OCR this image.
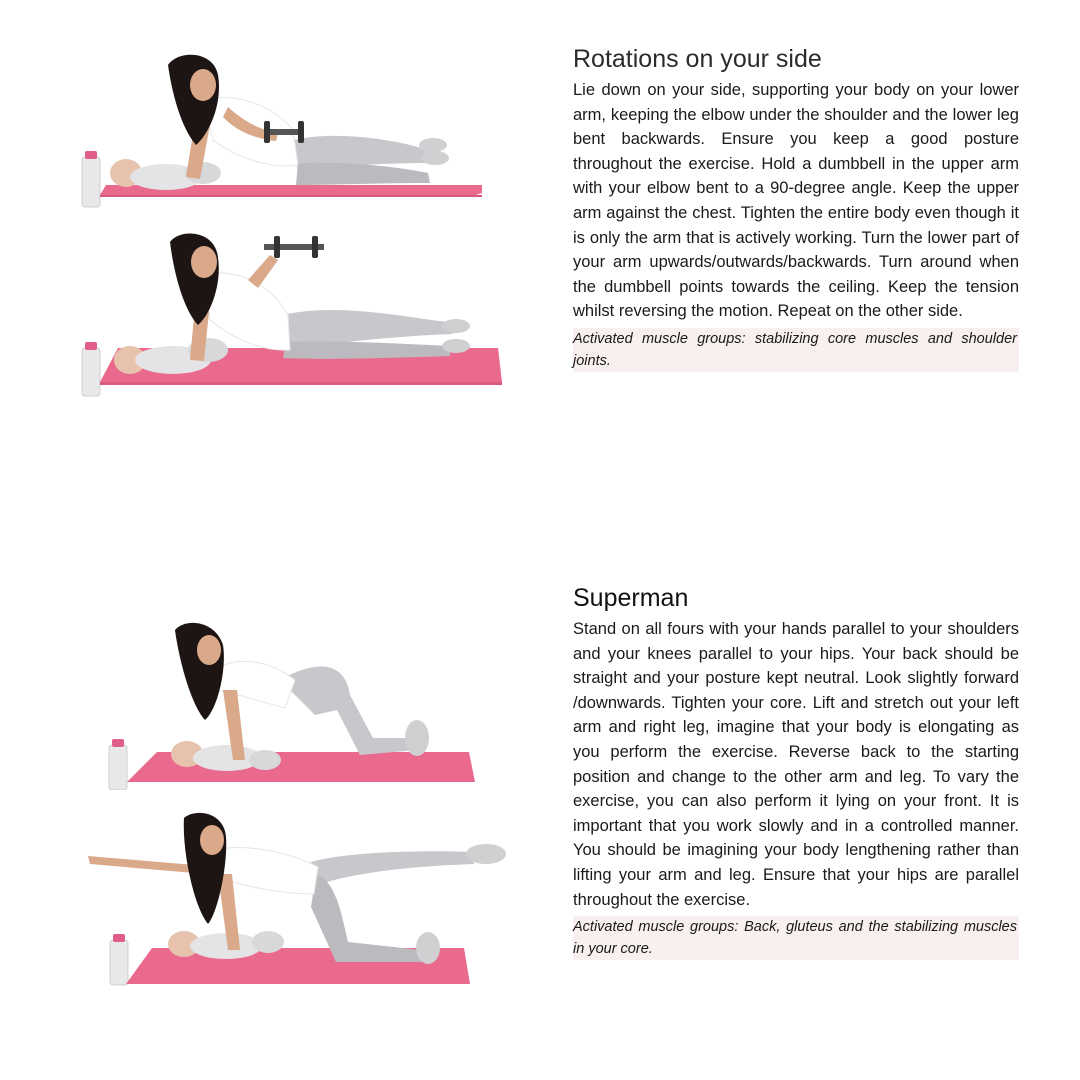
Rotations on your side

Lie down on your side, supporting your body on your lower arm, keeping the elbow under the shoulder and the lower leg bent backwards. Ensure you keep a good posture throughout the exercise. Hold a dumbbell in the upper arm with your elbow bent to a 90-degree angle. Keep the upper arm against the chest. Tighten the entire body even though it is only the arm that is actively working. Turn the lower part of your arm upwards/outwards/backwards. Turn around when the dumbbell points towards the ceiling. Keep the tension whilst reversing the motion. Repeat on the other side.

Activated muscle groups: stabilizing core muscles and shoulder joints.

Superman

Stand on all fours with your hands parallel to your shoulders and your knees parallel to your hips. Your back should be straight and your posture kept neutral. Look slightly forward /downwards. Tighten your core. Lift and stretch out your left arm and right leg, imagine that your body is elongating as you perform the exercise. Reverse back to the starting position and change to the other arm and leg. To vary the exercise, you can also perform it lying on your front. It is important that you work slowly and in a controlled manner. You should be imagining your body lengthening rather than lifting your arm and leg. Ensure that your hips are parallel throughout the exercise.

Activated muscle groups: Back, gluteus and the stabilizing muscles in your core.
